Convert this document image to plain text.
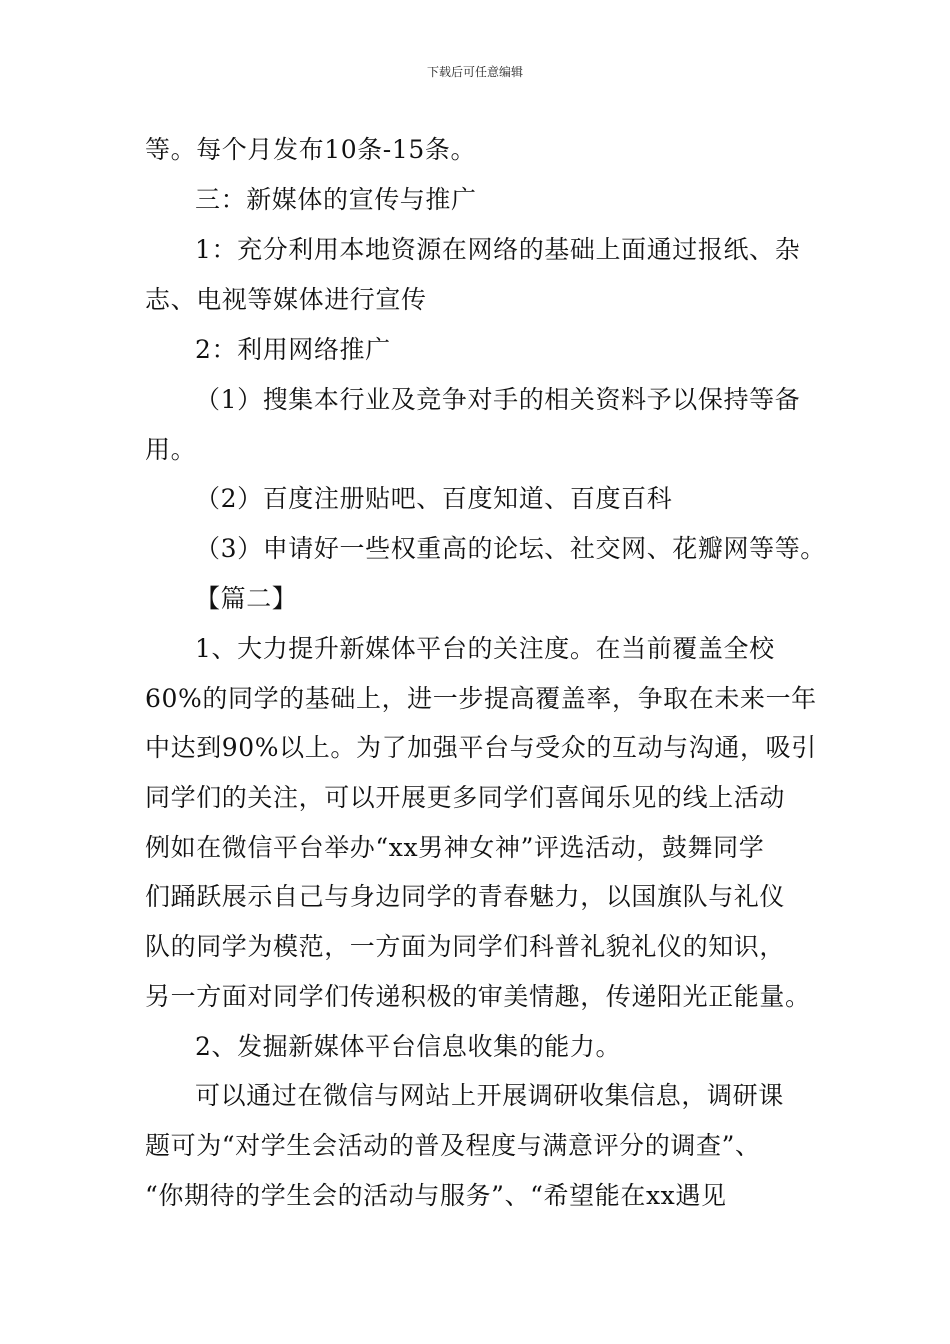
下载后可任意编辑
等。每个月发布10条-15条。
三：新媒体的宣传与推广
1：充分利用本地资源在网络的基础上面通过报纸、杂
志、电视等媒体进行宣传
2：利用网络推广
（1）搜集本行业及竞争对手的相关资料予以保持等备
用。
（2）百度注册贴吧、百度知道、百度百科
（3）申请好一些权重高的论坛、社交网、花瓣网等等。
【篇二】
1、大力提升新媒体平台的关注度。在当前覆盖全校
60%的同学的基础上，进一步提高覆盖率，争取在未来一年
中达到90%以上。为了加强平台与受众的互动与沟通，吸引
同学们的关注，可以开展更多同学们喜闻乐见的线上活动
例如在微信平台举办“xx男神女神”评选活动，鼓舞同学
们踊跃展示自己与身边同学的青春魅力，以国旗队与礼仪
队的同学为模范，一方面为同学们科普礼貌礼仪的知识，
另一方面对同学们传递积极的审美情趣，传递阳光正能量。
2、发掘新媒体平台信息收集的能力。
可以通过在微信与网站上开展调研收集信息，调研课
题可为“对学生会活动的普及程度与满意评分的调查”、
“你期待的学生会的活动与服务”、“希望能在xx遇见
